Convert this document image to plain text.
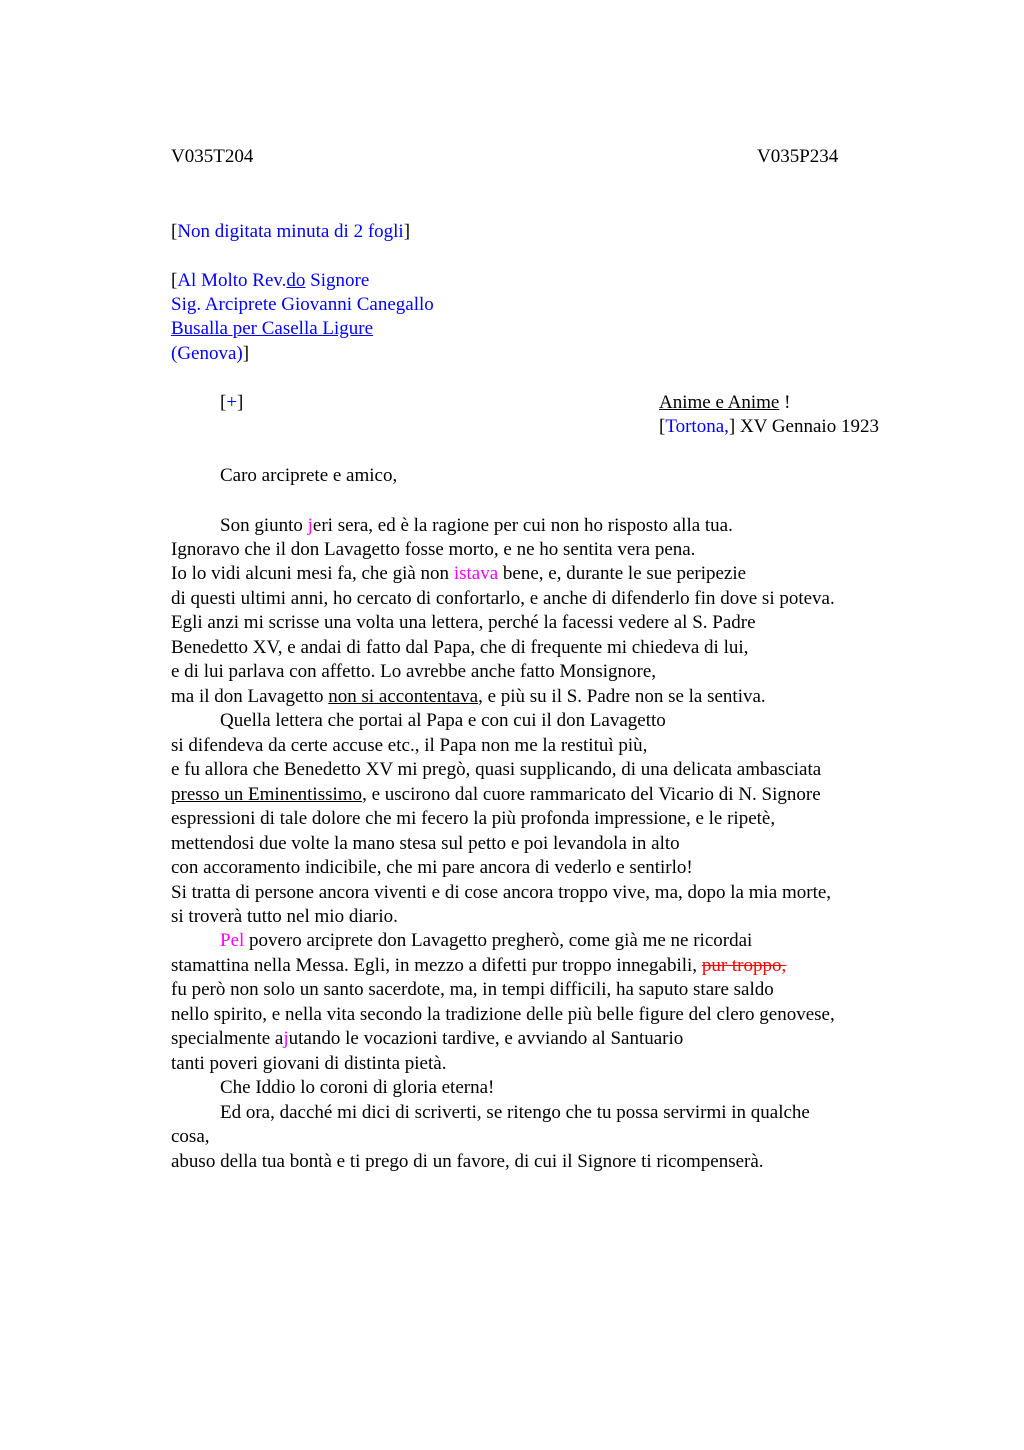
V035T204	V035P234
[Non digitata minuta di 2 fogli]
[Al Molto Rev.do Signore
Sig. Arciprete Giovanni Canegallo
Busalla per Casella Ligure
(Genova)]
[+]	Anime e Anime !
[Tortona,] XV Gennaio 1923
Caro arciprete e amico,
Son giunto jeri sera, ed è la ragione per cui non ho risposto alla tua.
Ignoravo che il don Lavagetto fosse morto, e ne ho sentita vera pena.
Io lo vidi alcuni mesi fa, che già non istava bene, e, durante le sue peripezie
di questi ultimi anni, ho cercato di confortarlo, e anche di difenderlo fin dove si poteva.
Egli anzi mi scrisse una volta una lettera, perché la facessi vedere al S. Padre
Benedetto XV, e andai di fatto dal Papa, che di frequente mi chiedeva di lui,
e di lui parlava con affetto. Lo avrebbe anche fatto Monsignore,
ma il don Lavagetto non si accontentava, e più su il S. Padre non se la sentiva.
Quella lettera che portai al Papa e con cui il don Lavagetto
si difendeva da certe accuse etc., il Papa non me la restituì più,
e fu allora che Benedetto XV mi pregò, quasi supplicando, di una delicata ambasciata
presso un Eminentissimo, e uscirono dal cuore rammaricato del Vicario di N. Signore
espressioni di tale dolore che mi fecero la più profonda impressione, e le ripetè,
mettendosi due volte la mano stesa sul petto e poi levandola in alto
con accoramento indicibile, che mi pare ancora di vederlo e sentirlo!
Si tratta di persone ancora viventi e di cose ancora troppo vive, ma, dopo la mia morte,
si troverà tutto nel mio diario.
Pel povero arciprete don Lavagetto pregherò, come già me ne ricordai
stamattina nella Messa. Egli, in mezzo a difetti pur troppo innegabili, pur troppo,
fu però non solo un santo sacerdote, ma, in tempi difficili, ha saputo stare saldo
nello spirito, e nella vita secondo la tradizione delle più belle figure del clero genovese,
specialmente ajutando le vocazioni tardive, e avviando al Santuario
tanti poveri giovani di distinta pietà.
Che Iddio lo coroni di gloria eterna!
Ed ora, dacché mi dici di scriverti, se ritengo che tu possa servirmi in qualche
cosa,
abuso della tua bontà e ti prego di un favore, di cui il Signore ti ricompenserà.
